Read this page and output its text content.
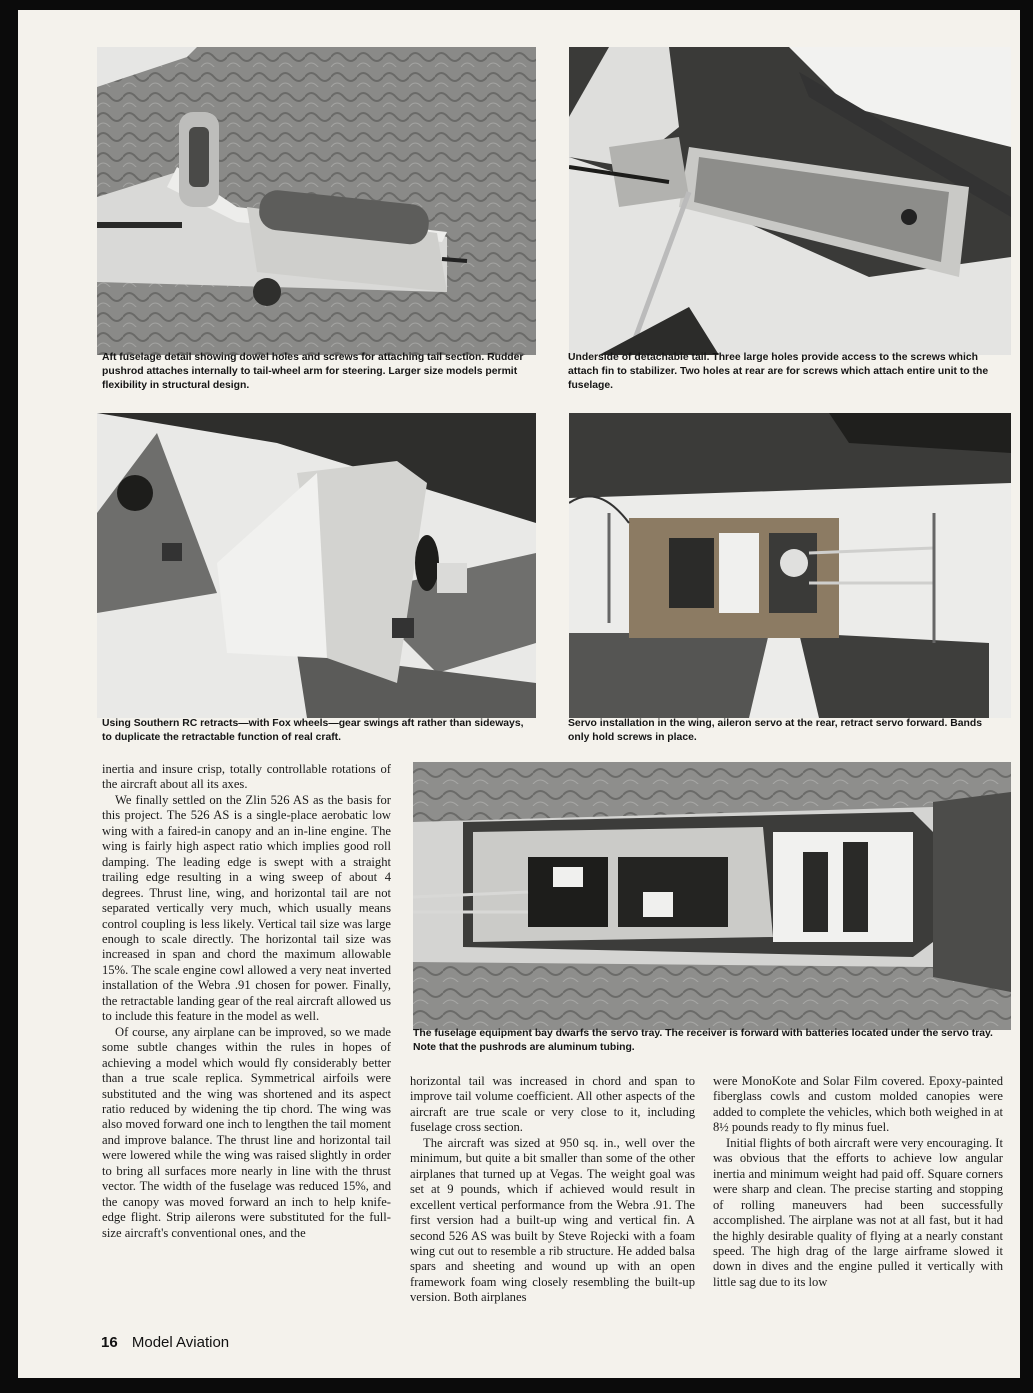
Aft fuselage detail showing dowel holes and screws for attaching tail section. Rudder pushrod attaches internally to tail-wheel arm for steering. Larger size models permit flexibility in structural design.

Underside of detachable tail. Three large holes provide access to the screws which attach fin to stabilizer. Two holes at rear are for screws which attach entire unit to the fuselage.

Using Southern RC retracts—with Fox wheels—gear swings aft rather than sideways, to duplicate the retractable function of real craft.

Servo installation in the wing, aileron servo at the rear, retract servo forward. Bands only hold screws in place.

The fuselage equipment bay dwarfs the servo tray. The receiver is forward with batteries located under the servo tray. Note that the pushrods are aluminum tubing.

inertia and insure crisp, totally controllable rotations of the aircraft about all its axes.

We finally settled on the Zlin 526 AS as the basis for this project. The 526 AS is a single-place aerobatic low wing with a faired-in canopy and an in-line engine. The wing is fairly high aspect ratio which implies good roll damping. The leading edge is swept with a straight trailing edge resulting in a wing sweep of about 4 degrees. Thrust line, wing, and horizontal tail are not separated vertically very much, which usually means control coupling is less likely. Vertical tail size was large enough to scale directly. The horizontal tail size was increased in span and chord the maximum allowable 15%. The scale engine cowl allowed a very neat inverted installation of the Webra .91 chosen for power. Finally, the retractable landing gear of the real aircraft allowed us to include this feature in the model as well.

Of course, any airplane can be improved, so we made some subtle changes within the rules in hopes of achieving a model which would fly considerably better than a true scale replica. Symmetrical airfoils were substituted and the wing was shortened and its aspect ratio reduced by widening the tip chord. The wing was also moved forward one inch to lengthen the tail moment and improve balance. The thrust line and horizontal tail were lowered while the wing was raised slightly in order to bring all surfaces more nearly in line with the thrust vector. The width of the fuselage was reduced 15%, and the canopy was moved forward an inch to help knife-edge flight. Strip ailerons were substituted for the full-size aircraft's conventional ones, and the

horizontal tail was increased in chord and span to improve tail volume coefficient. All other aspects of the aircraft are true scale or very close to it, including fuselage cross section.

The aircraft was sized at 950 sq. in., well over the minimum, but quite a bit smaller than some of the other airplanes that turned up at Vegas. The weight goal was set at 9 pounds, which if achieved would result in excellent vertical performance from the Webra .91. The first version had a built-up wing and vertical fin. A second 526 AS was built by Steve Rojecki with a foam wing cut out to resemble a rib structure. He added balsa spars and sheeting and wound up with an open framework foam wing closely resembling the built-up version. Both airplanes

were MonoKote and Solar Film covered. Epoxy-painted fiberglass cowls and custom molded canopies were added to complete the vehicles, which both weighed in at 8½ pounds ready to fly minus fuel.

Initial flights of both aircraft were very encouraging. It was obvious that the efforts to achieve low angular inertia and minimum weight had paid off. Square corners were sharp and clean. The precise starting and stopping of rolling maneuvers had been successfully accomplished. The airplane was not at all fast, but it had the highly desirable quality of flying at a nearly constant speed. The high drag of the large airframe slowed it down in dives and the engine pulled it vertically with little sag due to its low

16 Model Aviation
